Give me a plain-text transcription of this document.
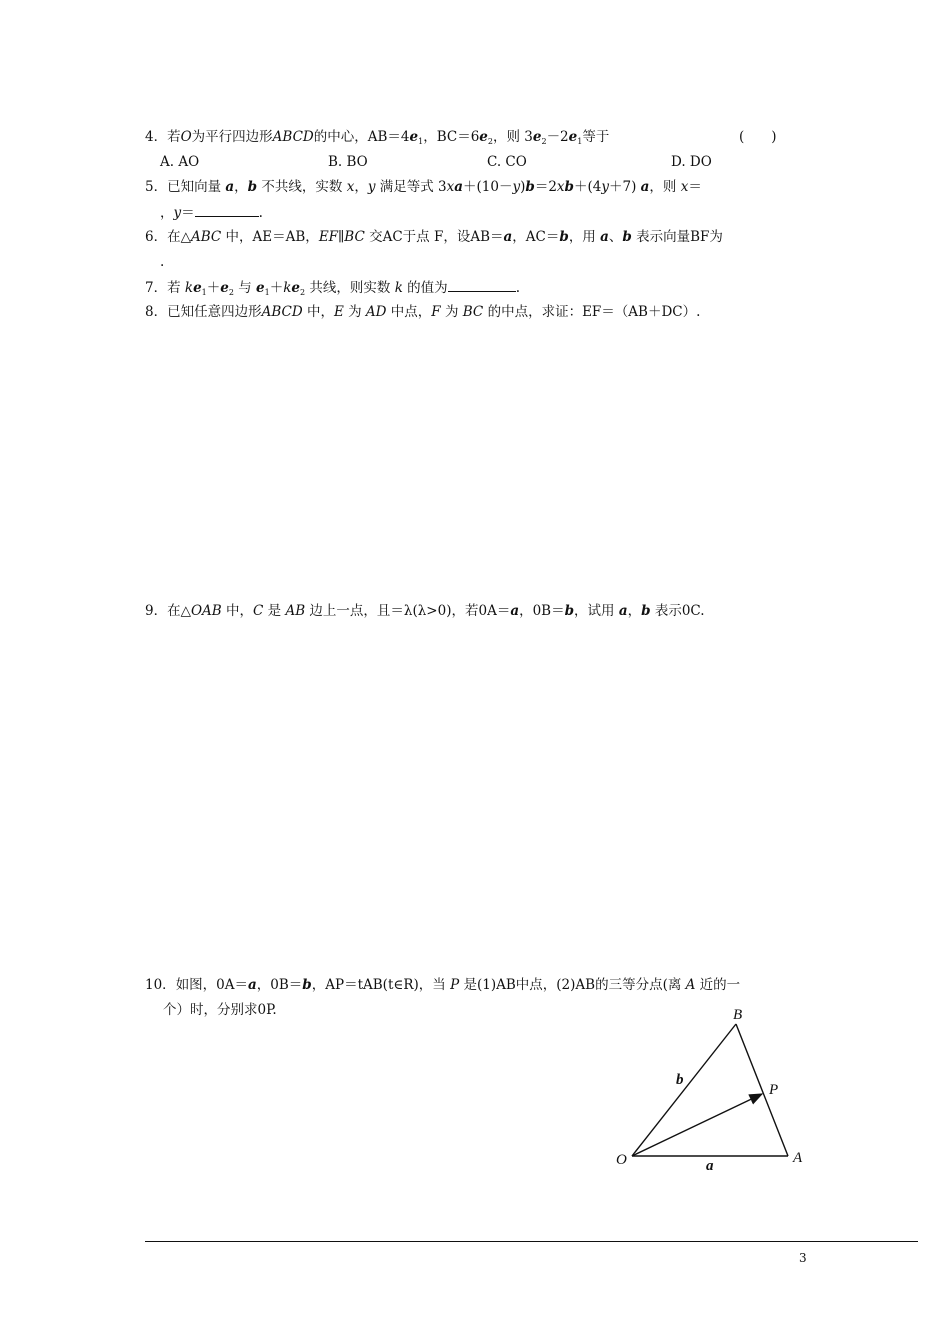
4．若O为平行四边形ABCD的中心，$AB=4e_1$，$BC=6e_2$，则 $3e_2-2e_1$等于	(　　)
A. AO	B. BO	C. CO	D. DO
5．已知向量 a，b 不共线，实数 x，y 满足等式 3xa＋(10－y)b＝2xb＋(4y＋7) a，则 x＝
，y＝	.
6．在△ABC 中，AE＝AB，EF∥BC 交AC于点 F，设AB＝a，AC＝b，用 a、b 表示向量BF为
.
7．若 $ke_1+e_2$ 与 $e_1+ke_2$ 共线，则实数 k 的值为	.
8．已知任意四边形ABCD 中，E 为 AD 中点，F 为 BC 的中点，求证：EF＝（AB＋DC）.
9．在△OAB 中，C 是 AB 边上一点，且＝λ(λ>0)，若0A＝a，0B＝b，试用 a，b 表示0C.
10．如图，0A＝a，0B＝b，AP＝tAB(t∈R)，当 P 是(1)AB中点，(2)AB的三等分点(离 A 近的一
个）时，分别求0P.
O	A
B
P
a
b
3
